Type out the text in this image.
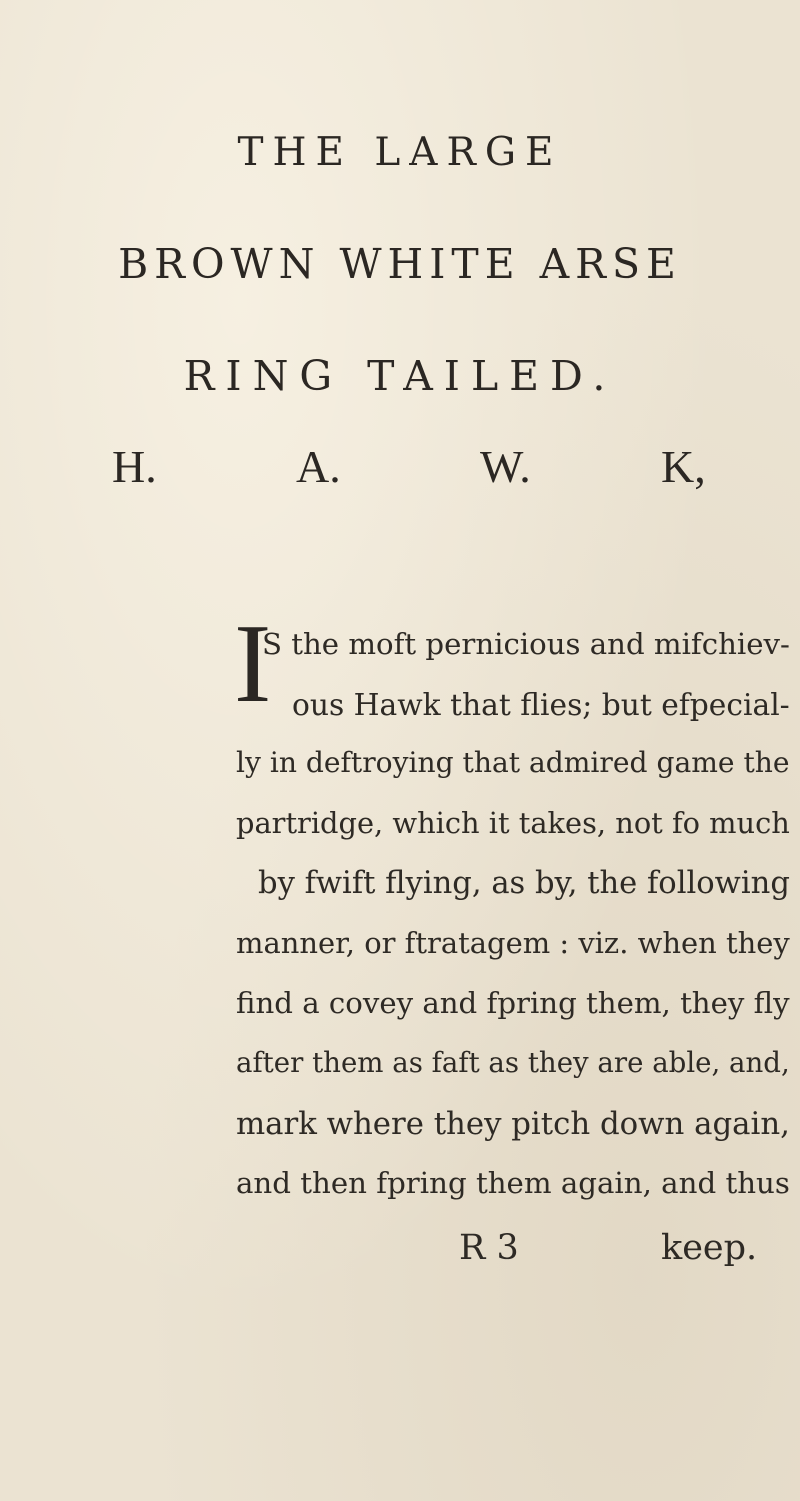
THE LARGE
BROWN WHITE ARSE
RING TAILED.
H.	A.	W.	K,
I
S the moft pernicious and mifchiev-
ous Hawk that flies; but efpecial-
ly in deftroying that admired game the
partridge, which it takes, not fo much
by fwift flying, as by, the following
manner, or ftratagem : viz. when they
find a covey and fpring them, they fly
after them as faft as they are able, and,
mark where they pitch down again,
and then fpring them again, and thus
R 3	keep.
